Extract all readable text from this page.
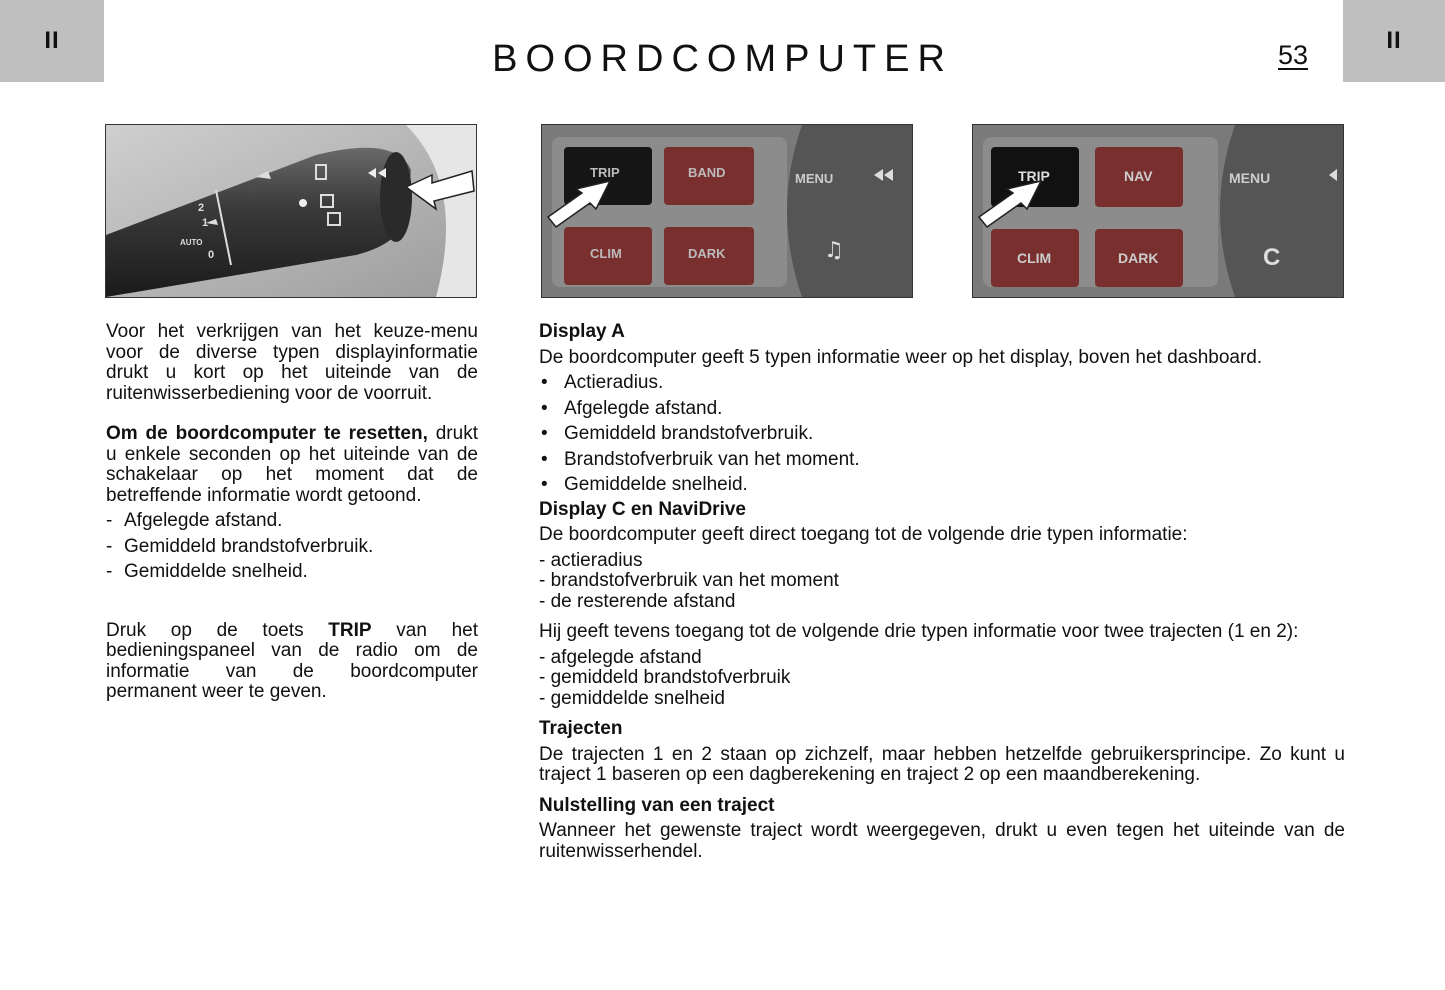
II	BOORDCOMPUTER	53	II
2
1
AUTO
0
TRIP	BAND
CLIM	DARK
MENU
♫
TRIP	NAV
CLIM	DARK
MENU
C

Voor het verkrijgen van het keuze-menu voor de diverse typen displayinformatie drukt u kort op het uiteinde van de ruitenwisserbediening voor de voorruit.

Om de boordcomputer te resetten, drukt u enkele seconden op het uiteinde van de schakelaar op het moment dat de betreffende informatie wordt getoond.

- Afgelegde afstand.
- Gemiddeld brandstofverbruik.
- Gemiddelde snelheid.

Druk op de toets TRIP van het bedieningspaneel van de radio om de informatie van de boordcomputer permanent weer te geven.

Display A

De boordcomputer geeft 5 typen informatie weer op het display, boven het dashboard.

• Actieradius.
• Afgelegde afstand.
• Gemiddeld brandstofverbruik.
• Brandstofverbruik van het moment.
• Gemiddelde snelheid.
Display C en NaviDrive

De boordcomputer geeft direct toegang tot de volgende drie typen informatie:

- actieradius
- brandstofverbruik van het moment
- de resterende afstand

Hij geeft tevens toegang tot de volgende drie typen informatie voor twee trajecten (1 en 2):

- afgelegde afstand
- gemiddeld brandstofverbruik
- gemiddelde snelheid
Trajecten

De trajecten 1 en 2 staan op zichzelf, maar hebben hetzelfde gebruikersprincipe. Zo kunt u traject 1 baseren op een dagberekening en traject 2 op een maandberekening.

Nulstelling van een traject

Wanneer het gewenste traject wordt weergegeven, drukt u even tegen het uiteinde van de ruitenwisserhendel.
